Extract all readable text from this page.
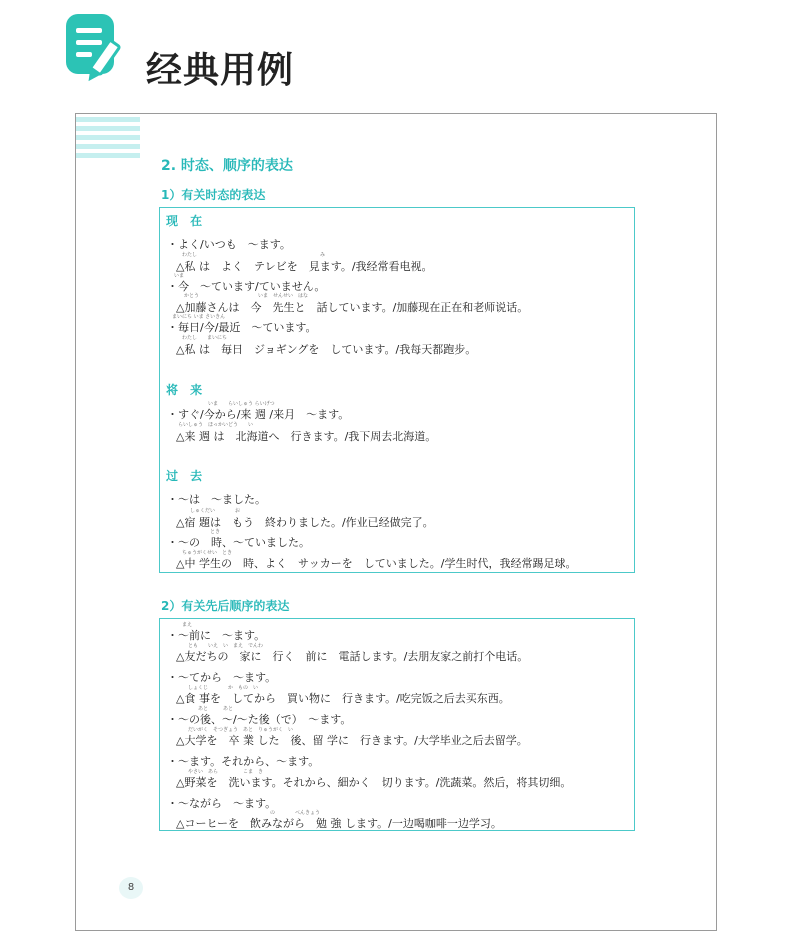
经典用例
2. 时态、顺序的表达
1）有关时态的表达
现 在
・よく/いつも　～ます。
み
わたし
△私 は　よく　テレビを　見ます。/我经常看电视。
いま
・今　～ています/ていません。
かとう	いま　せんせい　はな
△加藤さんは　今　先生と　話しています。/加藤现在正在和老师说话。
まいにち いま さいきん
・毎日/今/最近　～ています。
わたし　　まいにち
△私 は　毎日　ジョギングを　しています。/我每天都跑步。
将 来
いま　　らいしゅう らいげつ
・すぐ/今から/来 週 /来月　～ます。
らいしゅう　ほっかいどう　　い
△来 週 は　北海道へ　行きます。/我下周去北海道。
过 去
・～は　～ました。
しゅくだい　　　　お
△宿 題は　もう　終わりました。/作业已经做完了。
とき
・～の　時、～ていました。
ちゅうがくせい　とき
△中 学生の　時、よく　サッカーを　していました。/学生时代，我经常踢足球。
2）有关先后顺序的表达
まえ
・～前に　～ます。
とも　　いえ　い　まえ　でんわ
△友だちの　家に　行く　前に　電話します。/去朋友家之前打个电话。
・～てから　～ます。
しょくじ　　　　か　もの　い
△食 事を　してから　買い物に　行きます。/吃完饭之后去买东西。
あと　　　あと
・～の後、～/～た後（で）　～ます。
だいがく　そつぎょう　あと　りゅうがく　い
△大学を　卒 業 した　後、留 学に　行きます。/大学毕业之后去留学。
・～ます。それから、～ます。
やさい　あら　　　　　こま　き
△野菜を　洗います。それから、細かく　切ります。/洗蔬菜。然后，将其切细。
・～ながら　～ます。
の　　　　べんきょう
△コーヒーを　飲みながら　勉 強 します。/一边喝咖啡一边学习。
8
